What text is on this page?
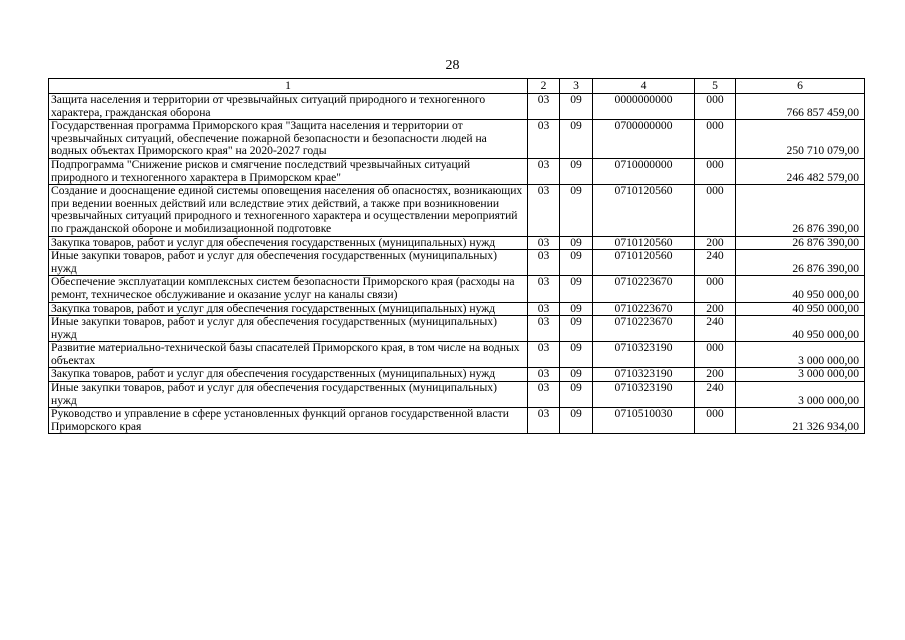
28
1	2	3	4	5	6
Защита населения и территории от чрезвычайных ситуаций природного и техногенного характера, гражданская оборона	03	09	0000000000	000	766 857 459,00
Государственная программа Приморского края "Защита населения и территории от чрезвычайных ситуаций, обеспечение пожарной безопасности и безопасности людей на водных объектах Приморского края" на 2020-2027 годы	03	09	0700000000	000	250 710 079,00
Подпрограмма "Снижение рисков и смягчение последствий чрезвычайных ситуаций природного и техногенного характера в Приморском крае"	03	09	0710000000	000	246 482 579,00
Создание и дооснащение единой системы оповещения населения об опасностях, возникающих при ведении военных действий или вследствие этих действий, а также при возникновении чрезвычайных ситуаций природного и техногенного характера и осуществлении мероприятий по гражданской обороне и мобилизационной подготовке	03	09	0710120560	000	26 876 390,00
Закупка товаров, работ и услуг для обеспечения государственных (муниципальных) нужд	03	09	0710120560	200	26 876 390,00
Иные закупки товаров, работ и услуг для обеспечения государственных (муниципальных) нужд	03	09	0710120560	240	26 876 390,00
Обеспечение эксплуатации комплексных систем безопасности Приморского края (расходы на ремонт, техническое обслуживание и оказание услуг на каналы связи)	03	09	0710223670	000	40 950 000,00
Закупка товаров, работ и услуг для обеспечения государственных (муниципальных) нужд	03	09	0710223670	200	40 950 000,00
Иные закупки товаров, работ и услуг для обеспечения государственных (муниципальных) нужд	03	09	0710223670	240	40 950 000,00
Развитие материально-технической базы спасателей Приморского края, в том числе на водных объектах	03	09	0710323190	000	3 000 000,00
Закупка товаров, работ и услуг для обеспечения государственных (муниципальных) нужд	03	09	0710323190	200	3 000 000,00
Иные закупки товаров, работ и услуг для обеспечения государственных (муниципальных) нужд	03	09	0710323190	240	3 000 000,00
Руководство и управление в сфере установленных функций органов государственной власти Приморского края	03	09	0710510030	000	21 326 934,00
